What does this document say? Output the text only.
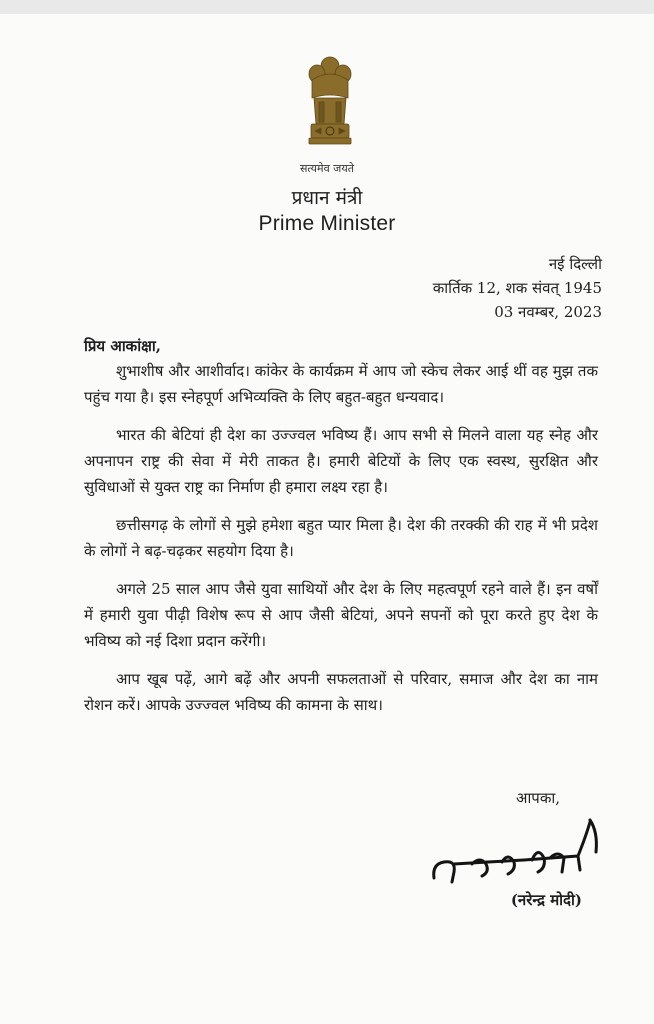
सत्यमेव जयते
प्रधान मंत्री
Prime Minister
नई दिल्ली
कार्तिक 12, शक संवत् 1945
03 नवम्बर, 2023
प्रिय आकांक्षा,

शुभाशीष और आशीर्वाद। कांकेर के कार्यक्रम में आप जो स्केच लेकर आई थीं वह मुझ तक पहुंच गया है। इस स्नेहपूर्ण अभिव्यक्ति के लिए बहुत-बहुत धन्यवाद।

भारत की बेटियां ही देश का उज्ज्वल भविष्य हैं। आप सभी से मिलने वाला यह स्नेह और अपनापन राष्ट्र की सेवा में मेरी ताकत है। हमारी बेटियों के लिए एक स्वस्थ, सुरक्षित और सुविधाओं से युक्त राष्ट्र का निर्माण ही हमारा लक्ष्य रहा है।

छत्तीसगढ़ के लोगों से मुझे हमेशा बहुत प्यार मिला है। देश की तरक्की की राह में भी प्रदेश के लोगों ने बढ़-चढ़कर सहयोग दिया है।

अगले 25 साल आप जैसे युवा साथियों और देश के लिए महत्वपूर्ण रहने वाले हैं। इन वर्षों में हमारी युवा पीढ़ी विशेष रूप से आप जैसी बेटियां, अपने सपनों को पूरा करते हुए देश के भविष्य को नई दिशा प्रदान करेंगी।

आप खूब पढ़ें, आगे बढ़ें और अपनी सफलताओं से परिवार, समाज और देश का नाम रोशन करें। आपके उज्ज्वल भविष्य की कामना के साथ।

आपका,
(नरेन्द्र मोदी)
